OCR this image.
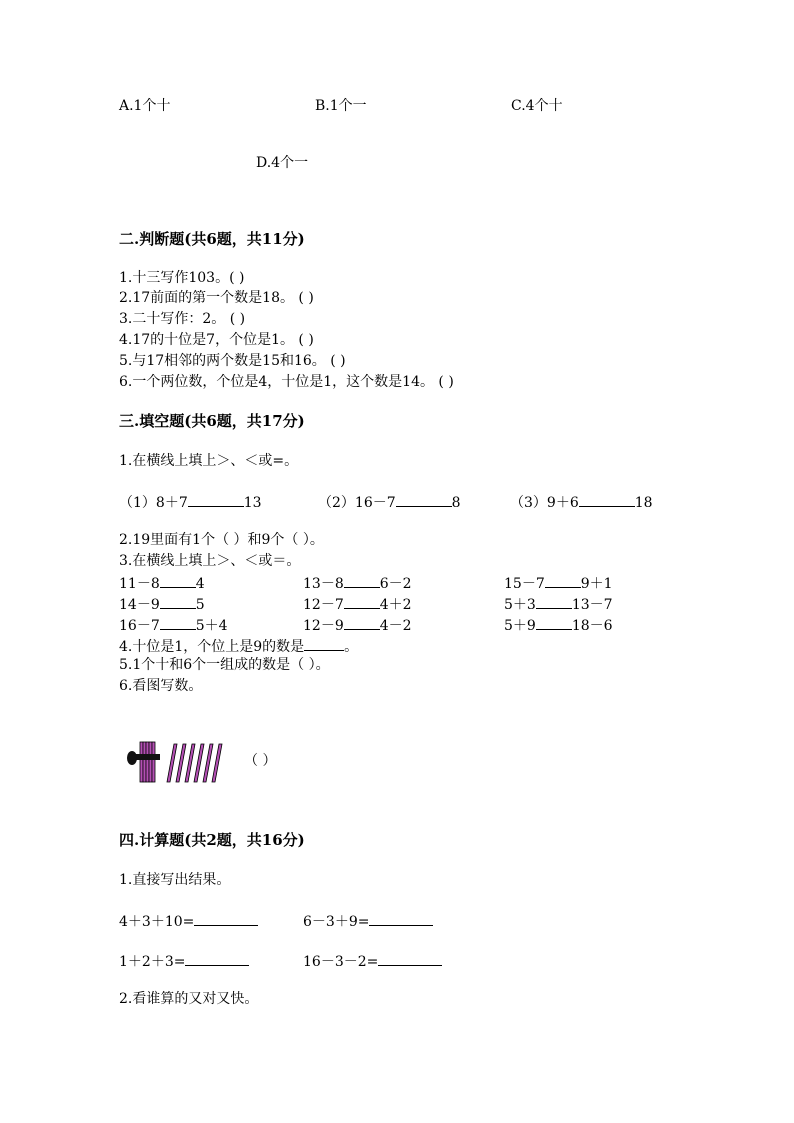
A.1个十	B.1个一	C.4个十
D.4个一
二.判断题(共6题，共11分)
1.十三写作103。( )
2.17前面的第一个数是18。 ( )
3.二十写作：2。 ( )
4.17的十位是7，个位是1。 ( )
5.与17相邻的两个数是15和16。 ( )
6.一个两位数，个位是4，十位是1，这个数是14。 ( )
三.填空题(共6题，共17分)
1.在横线上填上＞、＜或=。
（1）8＋7	13	（2）16－7	8	（3）9＋6	18
2.19里面有1个（ ）和9个（ ）。
3.在横线上填上＞、＜或＝。
11－8	4	13－8	6－2	15－7	9＋1
14－9	5	12－7	4＋2	5＋3	13－7
16－7	5＋4	12－9	4－2	5＋9	18－6
4.十位是1，个位上是9的数是	。
5.1个十和6个一组成的数是（ ）。
6.看图写数。
（ ）
四.计算题(共2题，共16分)
1.直接写出结果。
4＋3＋10=	6－3＋9=
1＋2＋3=	16－3－2=
2.看谁算的又对又快。
